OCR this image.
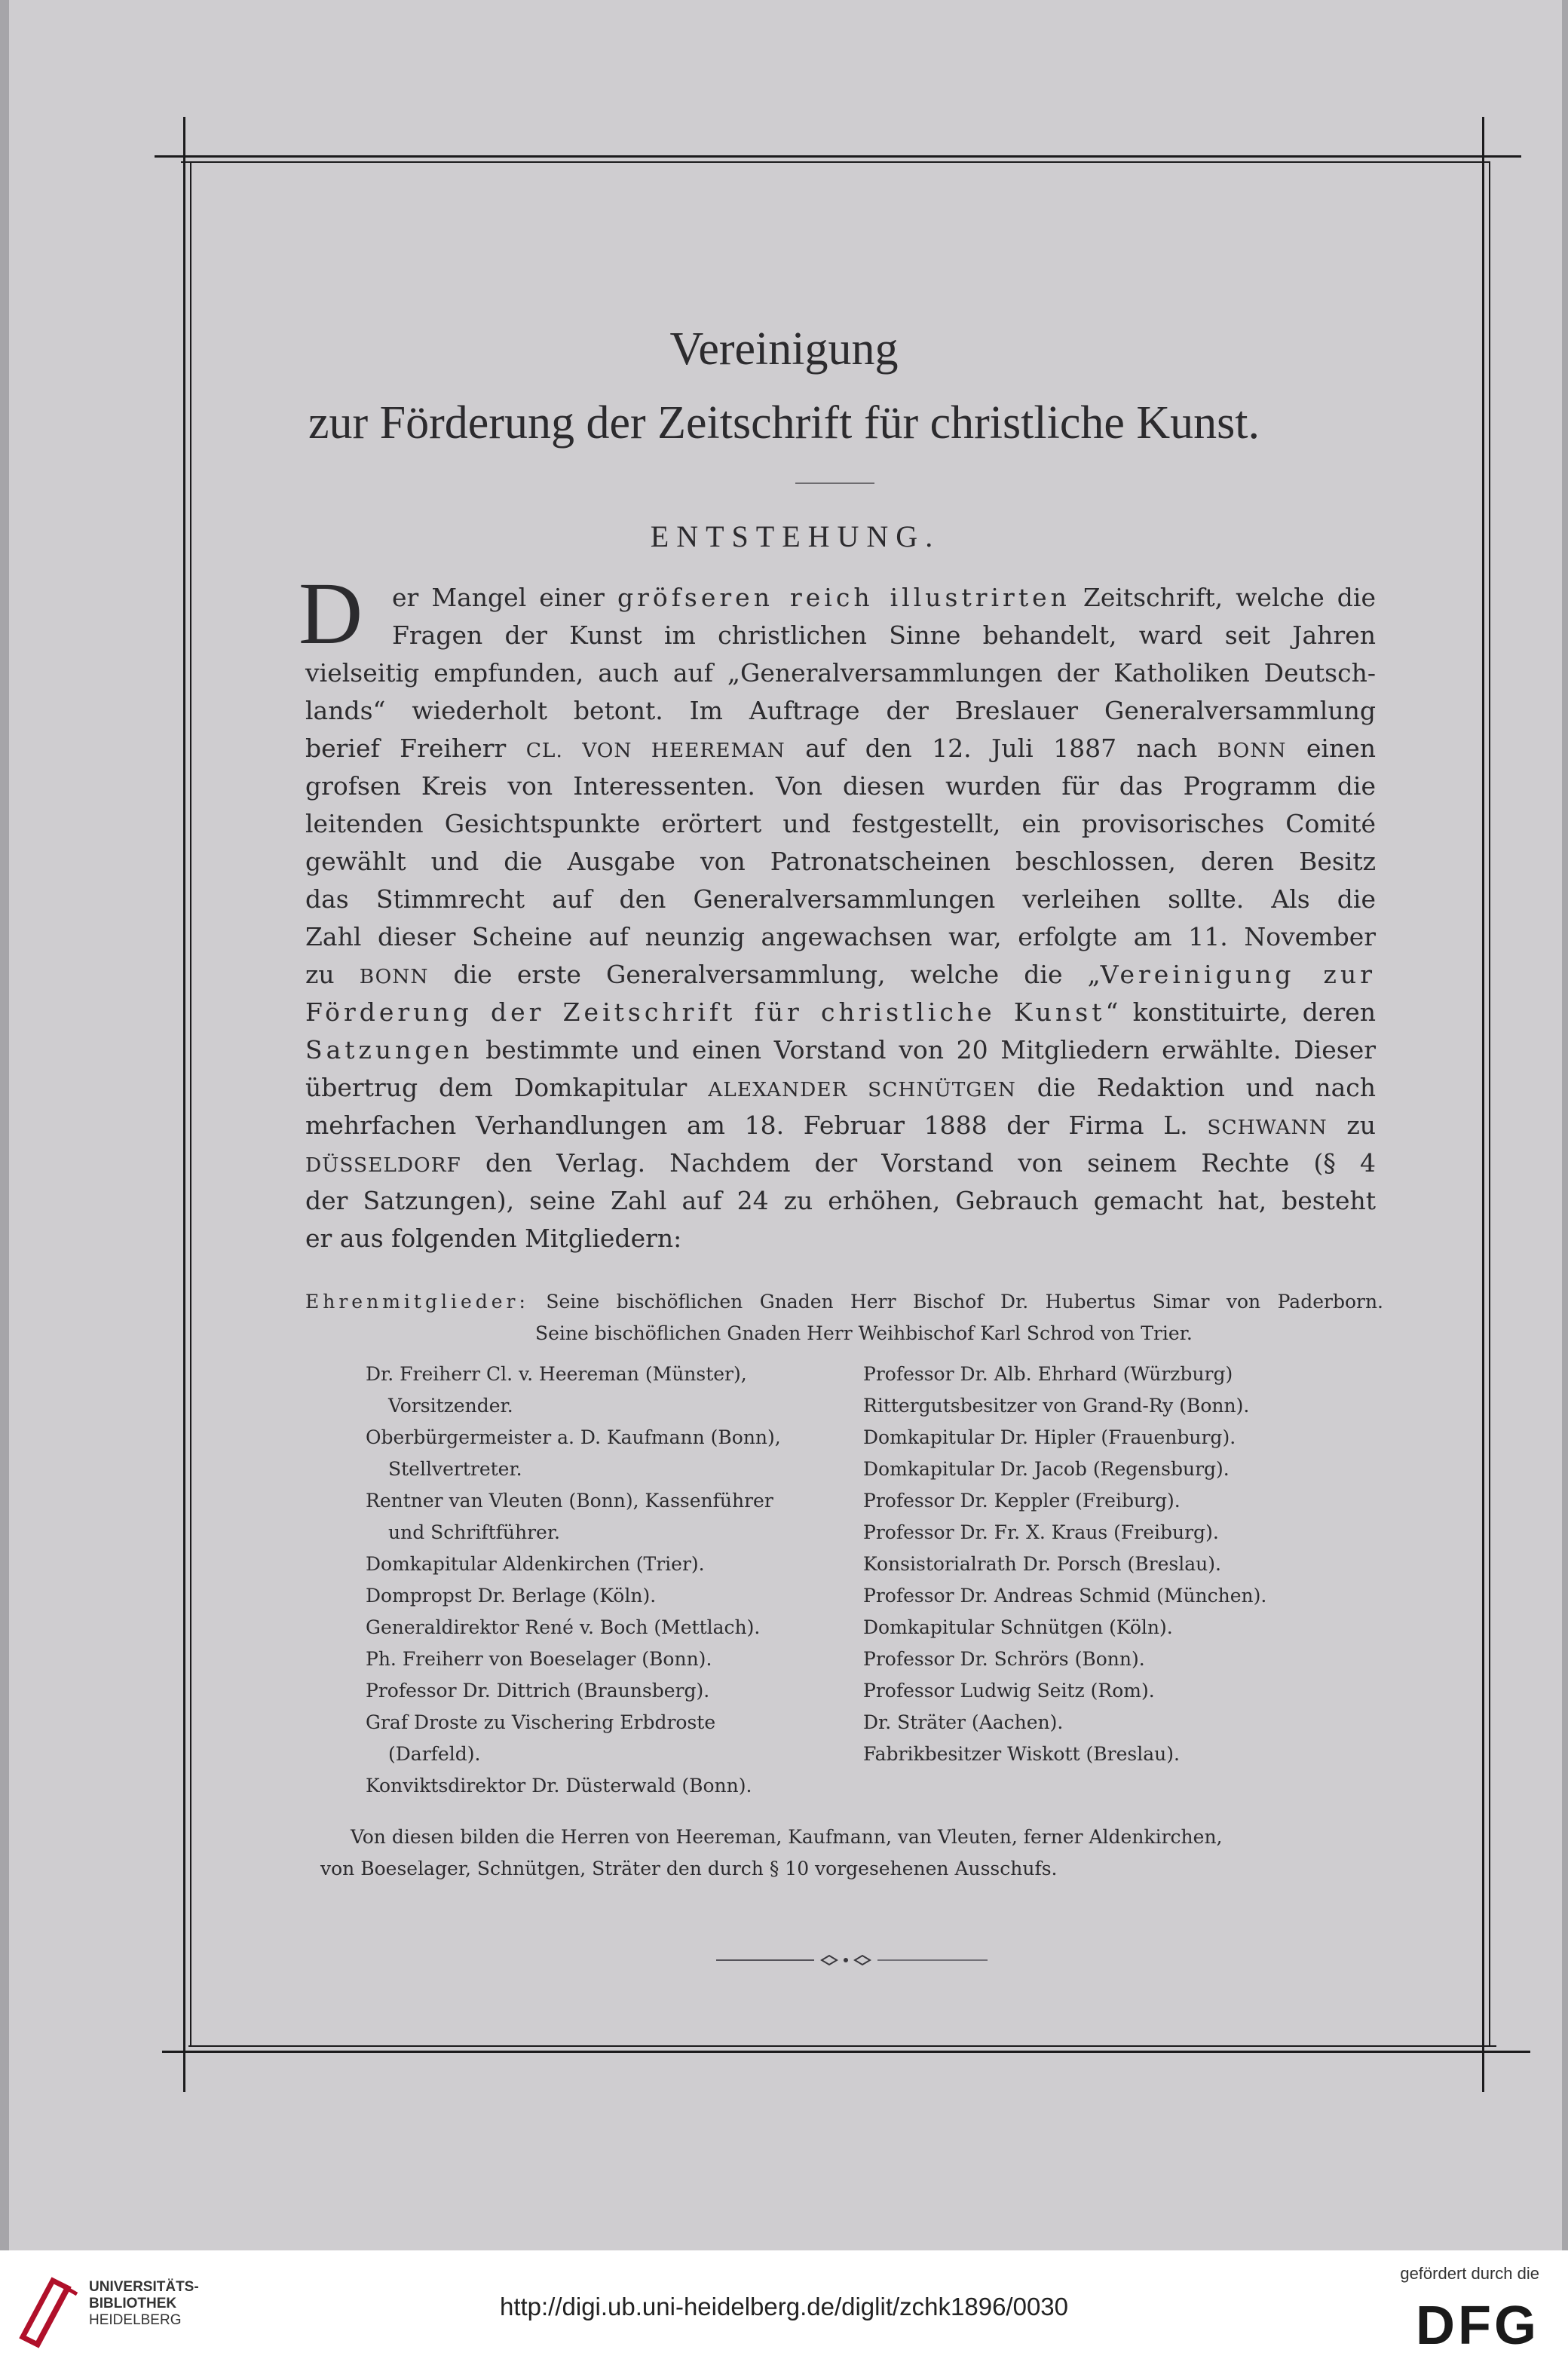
Vereinigung
zur Förderung der Zeitschrift für christliche Kunst.
ENTSTEHUNG.
D	er Mangel einer gröfseren reich illustrirten Zeitschrift, welche die
Fragen der Kunst im christlichen Sinne behandelt, ward seit Jahren
vielseitig empfunden, auch auf „Generalversammlungen der Katholiken Deutsch-
lands“ wiederholt betont. Im Auftrage der Breslauer Generalversammlung
berief Freiherr CL. VON HEEREMAN auf den 12. Juli 1887 nach BONN einen
grofsen Kreis von Interessenten. Von diesen wurden für das Programm die
leitenden Gesichtspunkte erörtert und festgestellt, ein provisorisches Comité
gewählt und die Ausgabe von Patronatscheinen beschlossen, deren Besitz
das Stimmrecht auf den Generalversammlungen verleihen sollte. Als die
Zahl dieser Scheine auf neunzig angewachsen war, erfolgte am 11. November
zu BONN die erste Generalversammlung, welche die „Vereinigung zur
Förderung der Zeitschrift für christliche Kunst“ konstituirte, deren
Satzungen bestimmte und einen Vorstand von 20 Mitgliedern erwählte. Dieser
übertrug dem Domkapitular ALEXANDER SCHNÜTGEN die Redaktion und nach
mehrfachen Verhandlungen am 18. Februar 1888 der Firma L. SCHWANN zu
DÜSSELDORF den Verlag. Nachdem der Vorstand von seinem Rechte (§ 4
der Satzungen), seine Zahl auf 24 zu erhöhen, Gebrauch gemacht hat, besteht
er aus folgenden Mitgliedern:
Ehrenmitglieder: Seine bischöflichen Gnaden Herr Bischof Dr. Hubertus Simar von Paderborn.
Seine bischöflichen Gnaden Herr Weihbischof Karl Schrod von Trier.
Dr. Freiherr Cl. v. Heereman (Münster),
Vorsitzender.
Oberbürgermeister a. D. Kaufmann (Bonn),
Stellvertreter.
Rentner van Vleuten (Bonn), Kassenführer
und Schriftführer.
Domkapitular Aldenkirchen (Trier).
Dompropst Dr. Berlage (Köln).
Generaldirektor René v. Boch (Mettlach).
Ph. Freiherr von Boeselager (Bonn).
Professor Dr. Dittrich (Braunsberg).
Graf Droste zu Vischering Erbdroste
(Darfeld).
Konviktsdirektor Dr. Düsterwald (Bonn).
Professor Dr. Alb. Ehrhard (Würzburg)
Rittergutsbesitzer von Grand-Ry (Bonn).
Domkapitular Dr. Hipler (Frauenburg).
Domkapitular Dr. Jacob (Regensburg).
Professor Dr. Keppler (Freiburg).
Professor Dr. Fr. X. Kraus (Freiburg).
Konsistorialrath Dr. Porsch (Breslau).
Professor Dr. Andreas Schmid (München).
Domkapitular Schnütgen (Köln).
Professor Dr. Schrörs (Bonn).
Professor Ludwig Seitz (Rom).
Dr. Sträter (Aachen).
Fabrikbesitzer Wiskott (Breslau).
Von diesen bilden die Herren von Heereman, Kaufmann, van Vleuten, ferner Aldenkirchen,
von Boeselager, Schnütgen, Sträter den durch § 10 vorgesehenen Ausschufs.
UNIVERSITÄTS-
BIBLIOTHEK
HEIDELBERG	http://digi.ub.uni-heidelberg.de/diglit/zchk1896/0030
gefördert durch die
DFG
